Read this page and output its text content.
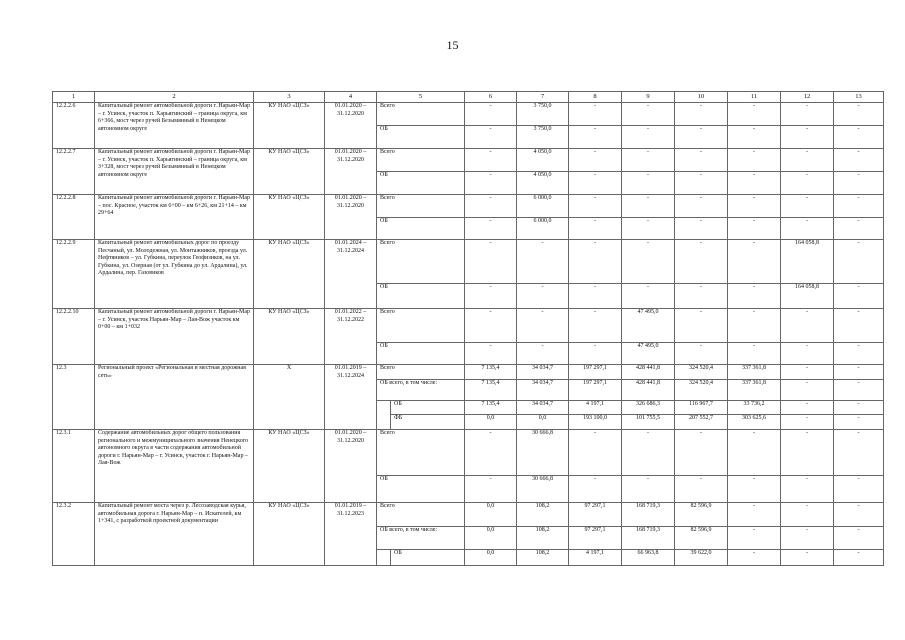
15
1	2	3	4	5		6	7	8	9	10	11	12	13
12.2.2.6	Капитальный ремонт автомобильной дороги г. Нарьян-Мар – г. Усинск, участок п. Харьягинский – граница округа, км 6+366, мост через ручей Безымянный в Ненецком автономном округе	КУ НАО «ЦСЗ»	01.01.2020 – 31.12.2020	Всего		-	3 750,0	-	-	-	-	-	-
				ОБ		-	3 750,0	-	-	-	-	-	-
12.2.2.7	Капитальный ремонт автомобильной дороги г. Нарьян-Мар – г. Усинск, участок п. Харьягинский – граница округа, км 3+328, мост через ручей Безымянный в Ненецком автономном округе	КУ НАО «ЦСЗ»	01.01.2020 – 31.12.2020	Всего		-	4 050,0	-	-	-	-	-	-
				ОБ		-	4 050,0	-	-	-	-	-	-
12.2.2.8	Капитальный ремонт автомобильной дороги г. Нарьян-Мар – пос. Красное, участок км 6+00 – км 6+26, км 21+14 – км 29+64	КУ НАО «ЦСЗ»	01.01.2020 – 31.12.2020	Всего		-	6 000,0	-	-	-	-	-	-
				ОБ		-	6 000,0	-	-	-	-	-	-
12.2.2.9	Капитальный ремонт автомобильных дорог по проезду Песчаный, ул. Молодежная, ул. Монтажников, проезда ул. Нефтяников – ул. Губкина, переулок Геофизиков, на ул. Губкина, ул. Озерная (от ул. Губкина до ул. Ардалина), ул. Ардалина, пер. Газовиков	КУ НАО «ЦСЗ»	01.01.2024 – 31.12.2024	Всего		-	-	-	-	-	-	164 058,8	-
				ОБ		-	-	-	-	-	-	164 058,8	-
12.2.2.10	Капитальный ремонт автомобильной дороги г. Нарьян-Мар – г. Усинск, участок Нарьян-Мар – Лая-Вож участок км 0+00 – км 1+032	КУ НАО «ЦСЗ»	01.01.2022 – 31.12.2022	Всего		-	-	-	47 495,0	-	-	-	-
				ОБ		-	-	-	47 495,0	-	-	-	-
12.3	Региональный проект «Региональная и местная дорожная сеть»	Х	01.01.2019 – 31.12.2024	Всего		7 135,4	34 034,7	197 297,1	428 441,8	324 520,4	337 361,8	-	-
				ОБ всего, в том числе:		7 135,4	34 034,7	197 297,1	428 441,8	324 520,4	337 361,8	-	-
					ОБ	7 135,4	34 034,7	4 197,1	326 686,3	116 967,7	33 736,2	-	-
					ФБ	0,0	0,0	193 100,0	101 755,5	207 552,7	303 625,6	-	-
12.3.1	Содержание автомобильных дорог общего пользования регионального и межмуниципального значения Ненецкого автономного округа в части содержания автомобильной дороги г. Нарьян-Мар – г. Усинск, участок г. Нарьян-Мар – Лая-Вож	КУ НАО «ЦСЗ»	01.01.2020 – 31.12.2020	Всего		-	30 666,8	-	-	-	-	-	-
				ОБ		-	30 666,8	-	-	-	-	-	-
12.3.2	Капитальный ремонт моста через р. Лесозаводская курья, автомобильная дорога г. Нарьян-Мар – п. Искателей, км 1+341, с разработкой проектной документации	КУ НАО «ЦСЗ»	01.01.2019 – 31.12.2023	Всего		0,0	108,2	97 297,1	168 719,3	82 596,9	-	-	-
				ОБ всего, в том числе:		0,0	108,2	97 297,1	168 719,3	82 596,9	-	-	-
					ОБ	0,0	108,2	4 197,1	66 963,8	39 622,0	-	-	-
